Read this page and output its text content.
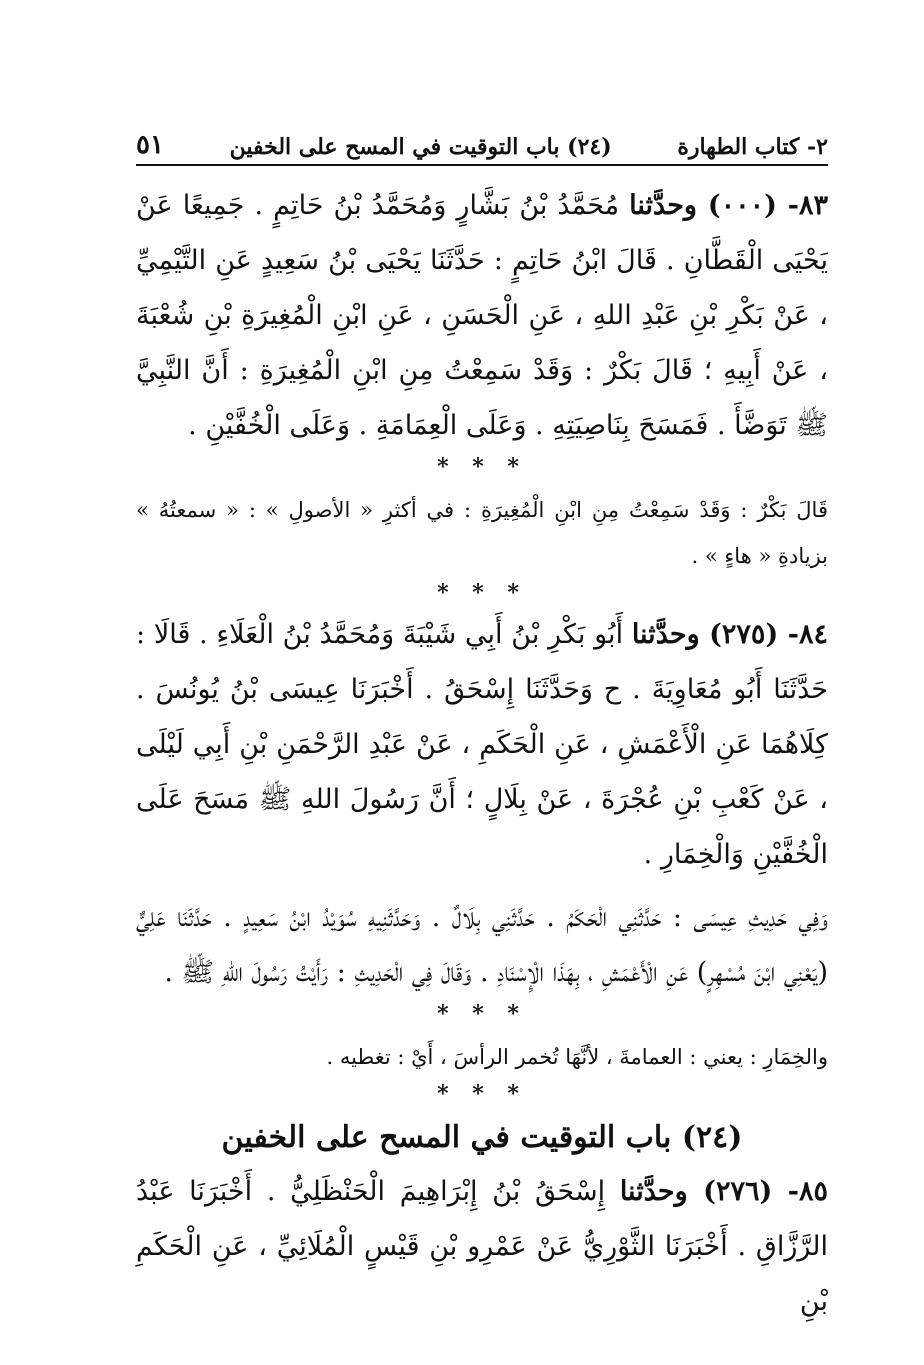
٢- كتاب الطهارة
(٢٤) باب التوقيت في المسح على الخفين
٥١

٨٣- (٠٠٠) وحدَّثنا مُحَمَّدُ بْنُ بَشَّارٍ وَمُحَمَّدُ بْنُ حَاتِمٍ . جَمِيعًا عَنْ يَحْيَى الْقَطَّانِ . قَالَ ابْنُ حَاتِمٍ : حَدَّثَنَا يَحْيَى بْنُ سَعِيدٍ عَنِ التَّيْمِيِّ ، عَنْ بَكْرِ بْنِ عَبْدِ اللهِ ، عَنِ الْحَسَنِ ، عَنِ ابْنِ الْمُغِيرَةِ بْنِ شُعْبَةَ ، عَنْ أَبِيهِ ؛ قَالَ بَكْرٌ : وَقَدْ سَمِعْتُ مِنِ ابْنِ الْمُغِيرَةِ : أَنَّ النَّبِيَّ ﷺ تَوَضَّأَ . فَمَسَحَ بِنَاصِيَتِهِ . وَعَلَى الْعِمَامَةِ . وَعَلَى الْخُفَّيْنِ .

* * *

قَالَ بَكْرٌ : وَقَدْ سَمِعْتُ مِنِ ابْنِ الْمُغِيرَةِ : في أكثرِ « الأصولِ » : « سمعتُهُ » بزيادةِ « هاءٍ » .

* * *

٨٤- (٢٧٥) وحدَّثنا أَبُو بَكْرِ بْنُ أَبِي شَيْبَةَ وَمُحَمَّدُ بْنُ الْعَلَاءِ . قَالَا : حَدَّثَنَا أَبُو مُعَاوِيَةَ . ح وَحَدَّثَنَا إِسْحَقُ . أَخْبَرَنَا عِيسَى بْنُ يُونُسَ . كِلَاهُمَا عَنِ الْأَعْمَشِ ، عَنِ الْحَكَمِ ، عَنْ عَبْدِ الرَّحْمَنِ بْنِ أَبِي لَيْلَى ، عَنْ كَعْبِ بْنِ عُجْرَةَ ، عَنْ بِلَالٍ ؛ أَنَّ رَسُولَ اللهِ ﷺ مَسَحَ عَلَى الْخُفَّيْنِ وَالْخِمَارِ .

وَفِي حَدِيثِ عِيسَى : حَدَّثَنِي الْحَكَمُ . حَدَّثَنِي بِلَالٌ . وَحَدَّثَنِيهِ سُوَيْدُ ابْنُ سَعِيدٍ . حَدَّثَنَا عَلِيٌّ (يَعْنِي ابْنَ مُسْهِرٍ) عَنِ الْأَعْمَشِ ، بِهَذَا الْإِسْنَادِ . وَقَالَ فِي الْحَدِيثِ : رَأَيْتُ رَسُولَ اللهِ ﷺ .

* * *

والخِمَارِ : يعني : العمامةَ ، لأنَّهَا تُخمر الرأسَ ، أَيْ : تغطيه .

* * *

(٢٤) باب التوقيت في المسح على الخفين

٨٥- (٢٧٦) وحدَّثنا إِسْحَقُ بْنُ إِبْرَاهِيمَ الْحَنْظَلِيُّ . أَخْبَرَنَا عَبْدُ الرَّزَّاقِ . أَخْبَرَنَا الثَّوْرِيُّ عَنْ عَمْرِو بْنِ قَيْسٍ الْمُلَائِيِّ ، عَنِ الْحَكَمِ بْنِ
